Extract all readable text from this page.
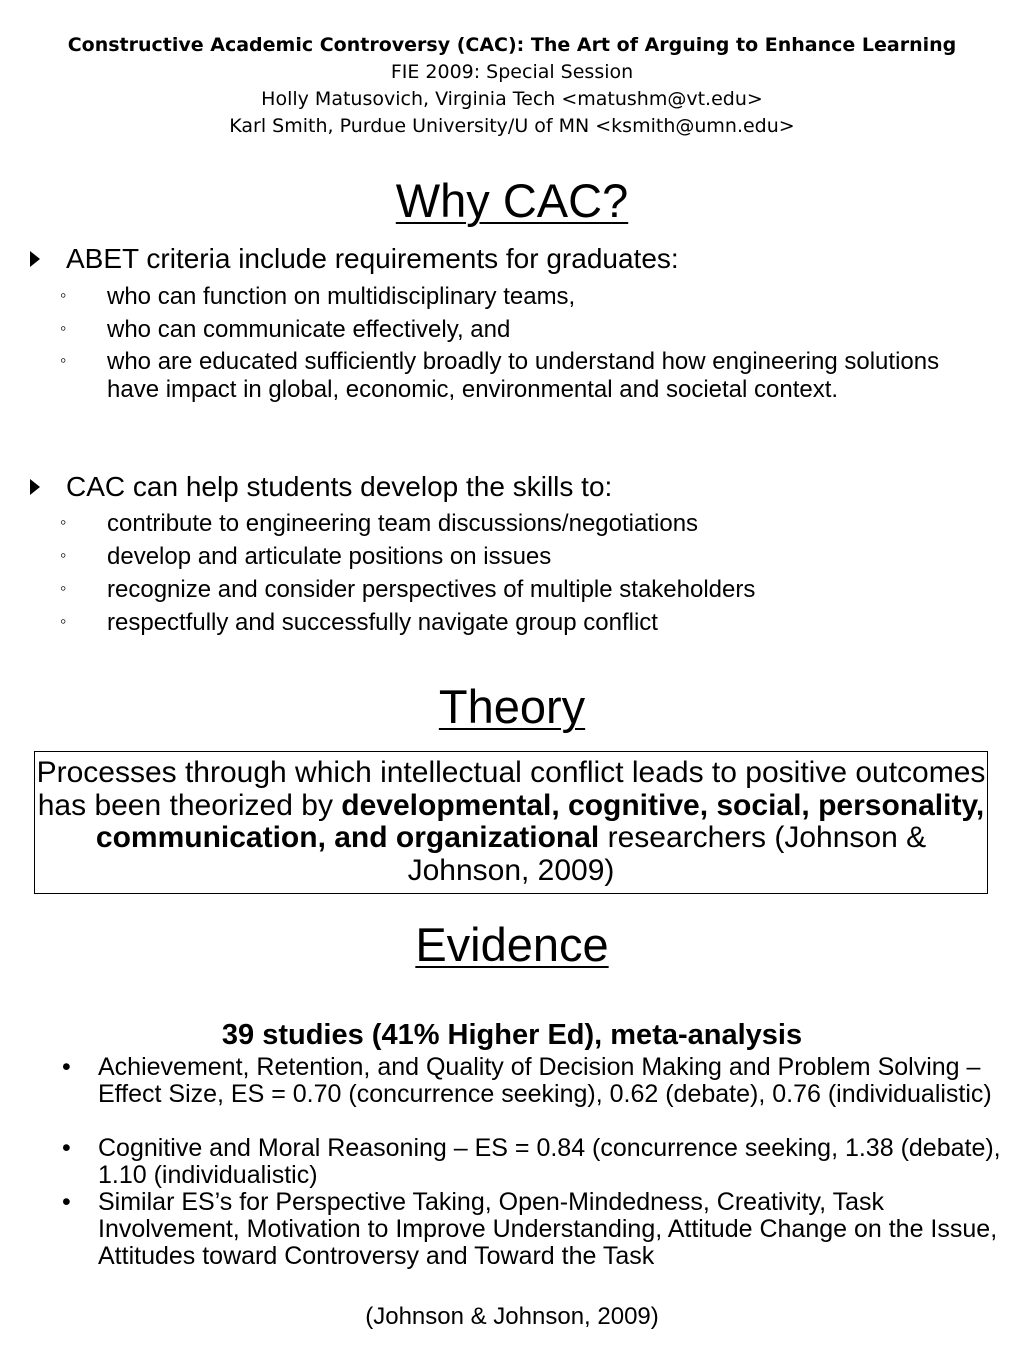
Constructive Academic Controversy (CAC): The Art of Arguing to Enhance Learning
FIE 2009: Special Session
Holly Matusovich, Virginia Tech <matushm@vt.edu>
Karl Smith, Purdue University/U of MN <ksmith@umn.edu>
Why CAC?
ABET criteria include requirements for graduates:
◦ who can function on multidisciplinary teams,
◦ who can communicate effectively, and
◦ who are educated sufficiently broadly to understand how engineering solutions have impact in global, economic, environmental and societal context.
CAC can help students develop the skills to:
◦ contribute to engineering team discussions/negotiations
◦ develop and articulate positions on issues
◦ recognize and consider perspectives of multiple stakeholders
◦ respectfully and successfully navigate group conflict
Theory
Processes through which intellectual conflict leads to positive outcomes has been theorized by developmental, cognitive, social, personality, communication, and organizational researchers (Johnson & Johnson, 2009)
Evidence
39 studies (41% Higher Ed), meta-analysis
• Achievement, Retention, and Quality of Decision Making and Problem Solving – Effect Size, ES = 0.70 (concurrence seeking), 0.62 (debate), 0.76 (individualistic)
• Cognitive and Moral Reasoning – ES = 0.84 (concurrence seeking, 1.38 (debate), 1.10 (individualistic)
• Similar ES’s for Perspective Taking, Open-Mindedness, Creativity, Task Involvement, Motivation to Improve Understanding, Attitude Change on the Issue, Attitudes toward Controversy and Toward the Task
(Johnson & Johnson, 2009)
